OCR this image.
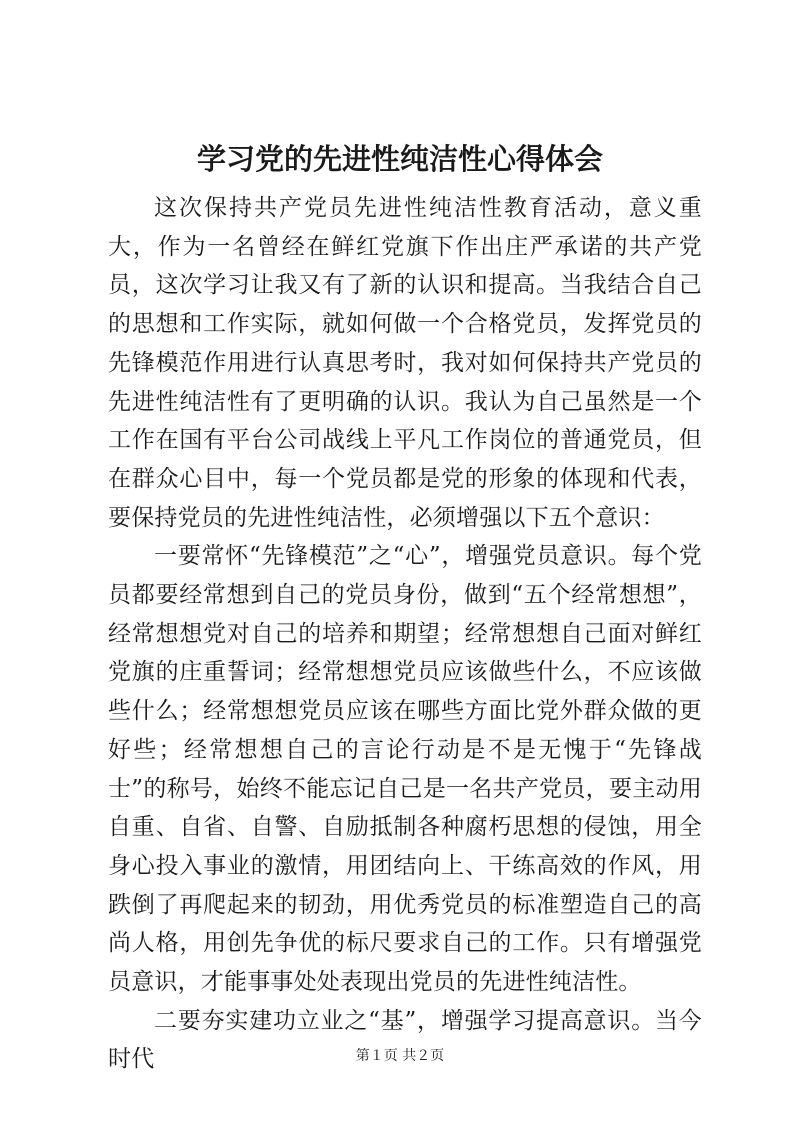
学习党的先进性纯洁性心得体会

这次保持共产党员先进性纯洁性教育活动，意义重大，作为一名曾经在鲜红党旗下作出庄严承诺的共产党员，这次学习让我又有了新的认识和提高。当我结合自己的思想和工作实际，就如何做一个合格党员，发挥党员的先锋模范作用进行认真思考时，我对如何保持共产党员的先进性纯洁性有了更明确的认识。我认为自己虽然是一个工作在国有平台公司战线上平凡工作岗位的普通党员，但在群众心目中，每一个党员都是党的形象的体现和代表，要保持党员的先进性纯洁性，必须增强以下五个意识：

一要常怀“先锋模范”之“心”，增强党员意识。每个党员都要经常想到自己的党员身份，做到“五个经常想想”，经常想想党对自己的培养和期望；经常想想自己面对鲜红党旗的庄重誓词；经常想想党员应该做些什么，不应该做些什么；经常想想党员应该在哪些方面比党外群众做的更好些；经常想想自己的言论行动是不是无愧于“先锋战士”的称号，始终不能忘记自己是一名共产党员，要主动用自重、自省、自警、自励抵制各种腐朽思想的侵蚀，用全身心投入事业的激情，用团结向上、干练高效的作风，用跌倒了再爬起来的韧劲，用优秀党员的标准塑造自己的高尚人格，用创先争优的标尺要求自己的工作。只有增强党员意识，才能事事处处表现出党员的先进性纯洁性。

二要夯实建功立业之“基”，增强学习提高意识。当今时代	第１页 共２页
